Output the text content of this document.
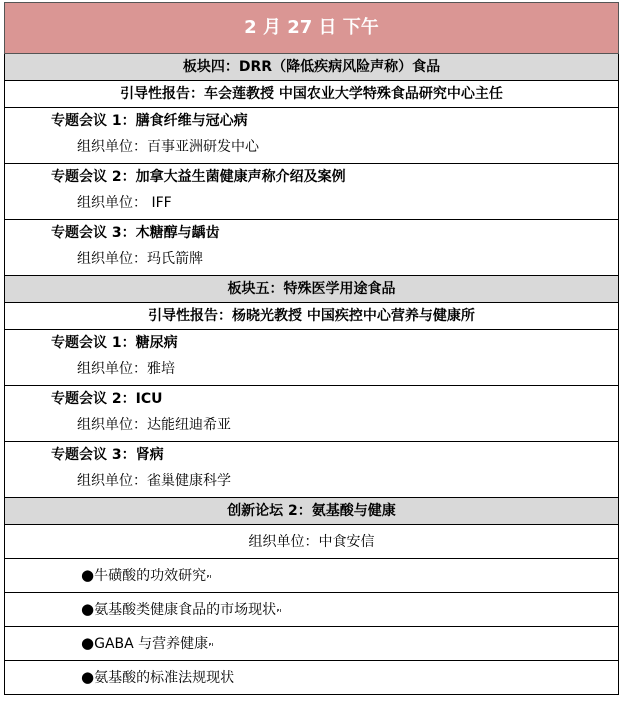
2 月 27 日 下午
板块四：DRR（降低疾病风险声称）食品
引导性报告：车会莲教授 中国农业大学特殊食品研究中心主任

专题会议 1：膳食纤维与冠心病
组织单位：百事亚洲研发中心

专题会议 2：加拿大益生菌健康声称介绍及案例
组织单位： IFF

专题会议 3：木糖醇与龋齿
组织单位：玛氏箭牌

板块五：特殊医学用途食品
引导性报告：杨晓光教授 中国疾控中心营养与健康所

专题会议 1：糖尿病
组织单位：雅培

专题会议 2：ICU
组织单位：达能纽迪希亚

专题会议 3：肾病
组织单位：雀巢健康科学

创新论坛 2：氨基酸与健康
组织单位：中食安信
●牛磺酸的功效研究
●氨基酸类健康食品的市场现状
●GABA 与营养健康
●氨基酸的标准法规现状
